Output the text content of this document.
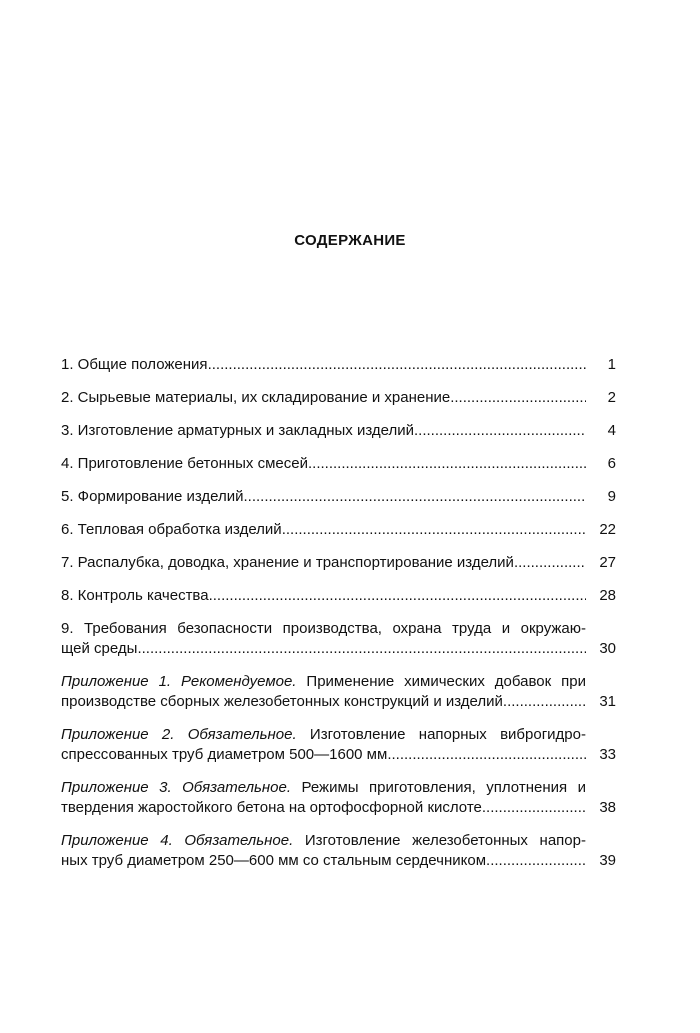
СОДЕРЖАНИЕ
1. Общие положения .....	1
2. Сырьевые материалы, их складирование и хранение .....	2
3. Изготовление арматурных и закладных изделий .....	4
4. Приготовление бетонных смесей .....	6
5. Формирование изделий .....	9
6. Тепловая обработка изделий .....	22
7. Распалубка, доводка, хранение и транспортирование изделий .....	27
8. Контроль качества .....	28
9. Требования безопасности производства, охрана труда и окружаю-
щей среды .....	30
Приложение 1. Рекомендуемое. Применение химических добавок при
производстве сборных железобетонных конструкций и изделий .....	31
Приложение 2. Обязательное. Изготовление напорных виброгидро-
спрессованных труб диаметром 500—1600 мм .....	33
Приложение 3. Обязательное. Режимы приготовления, уплотнения и
твердения жаростойкого бетона на ортофосфорной кислоте .....	38
Приложение 4. Обязательное. Изготовление железобетонных напор-
ных труб диаметром 250—600 мм со стальным сердечником .....	39
